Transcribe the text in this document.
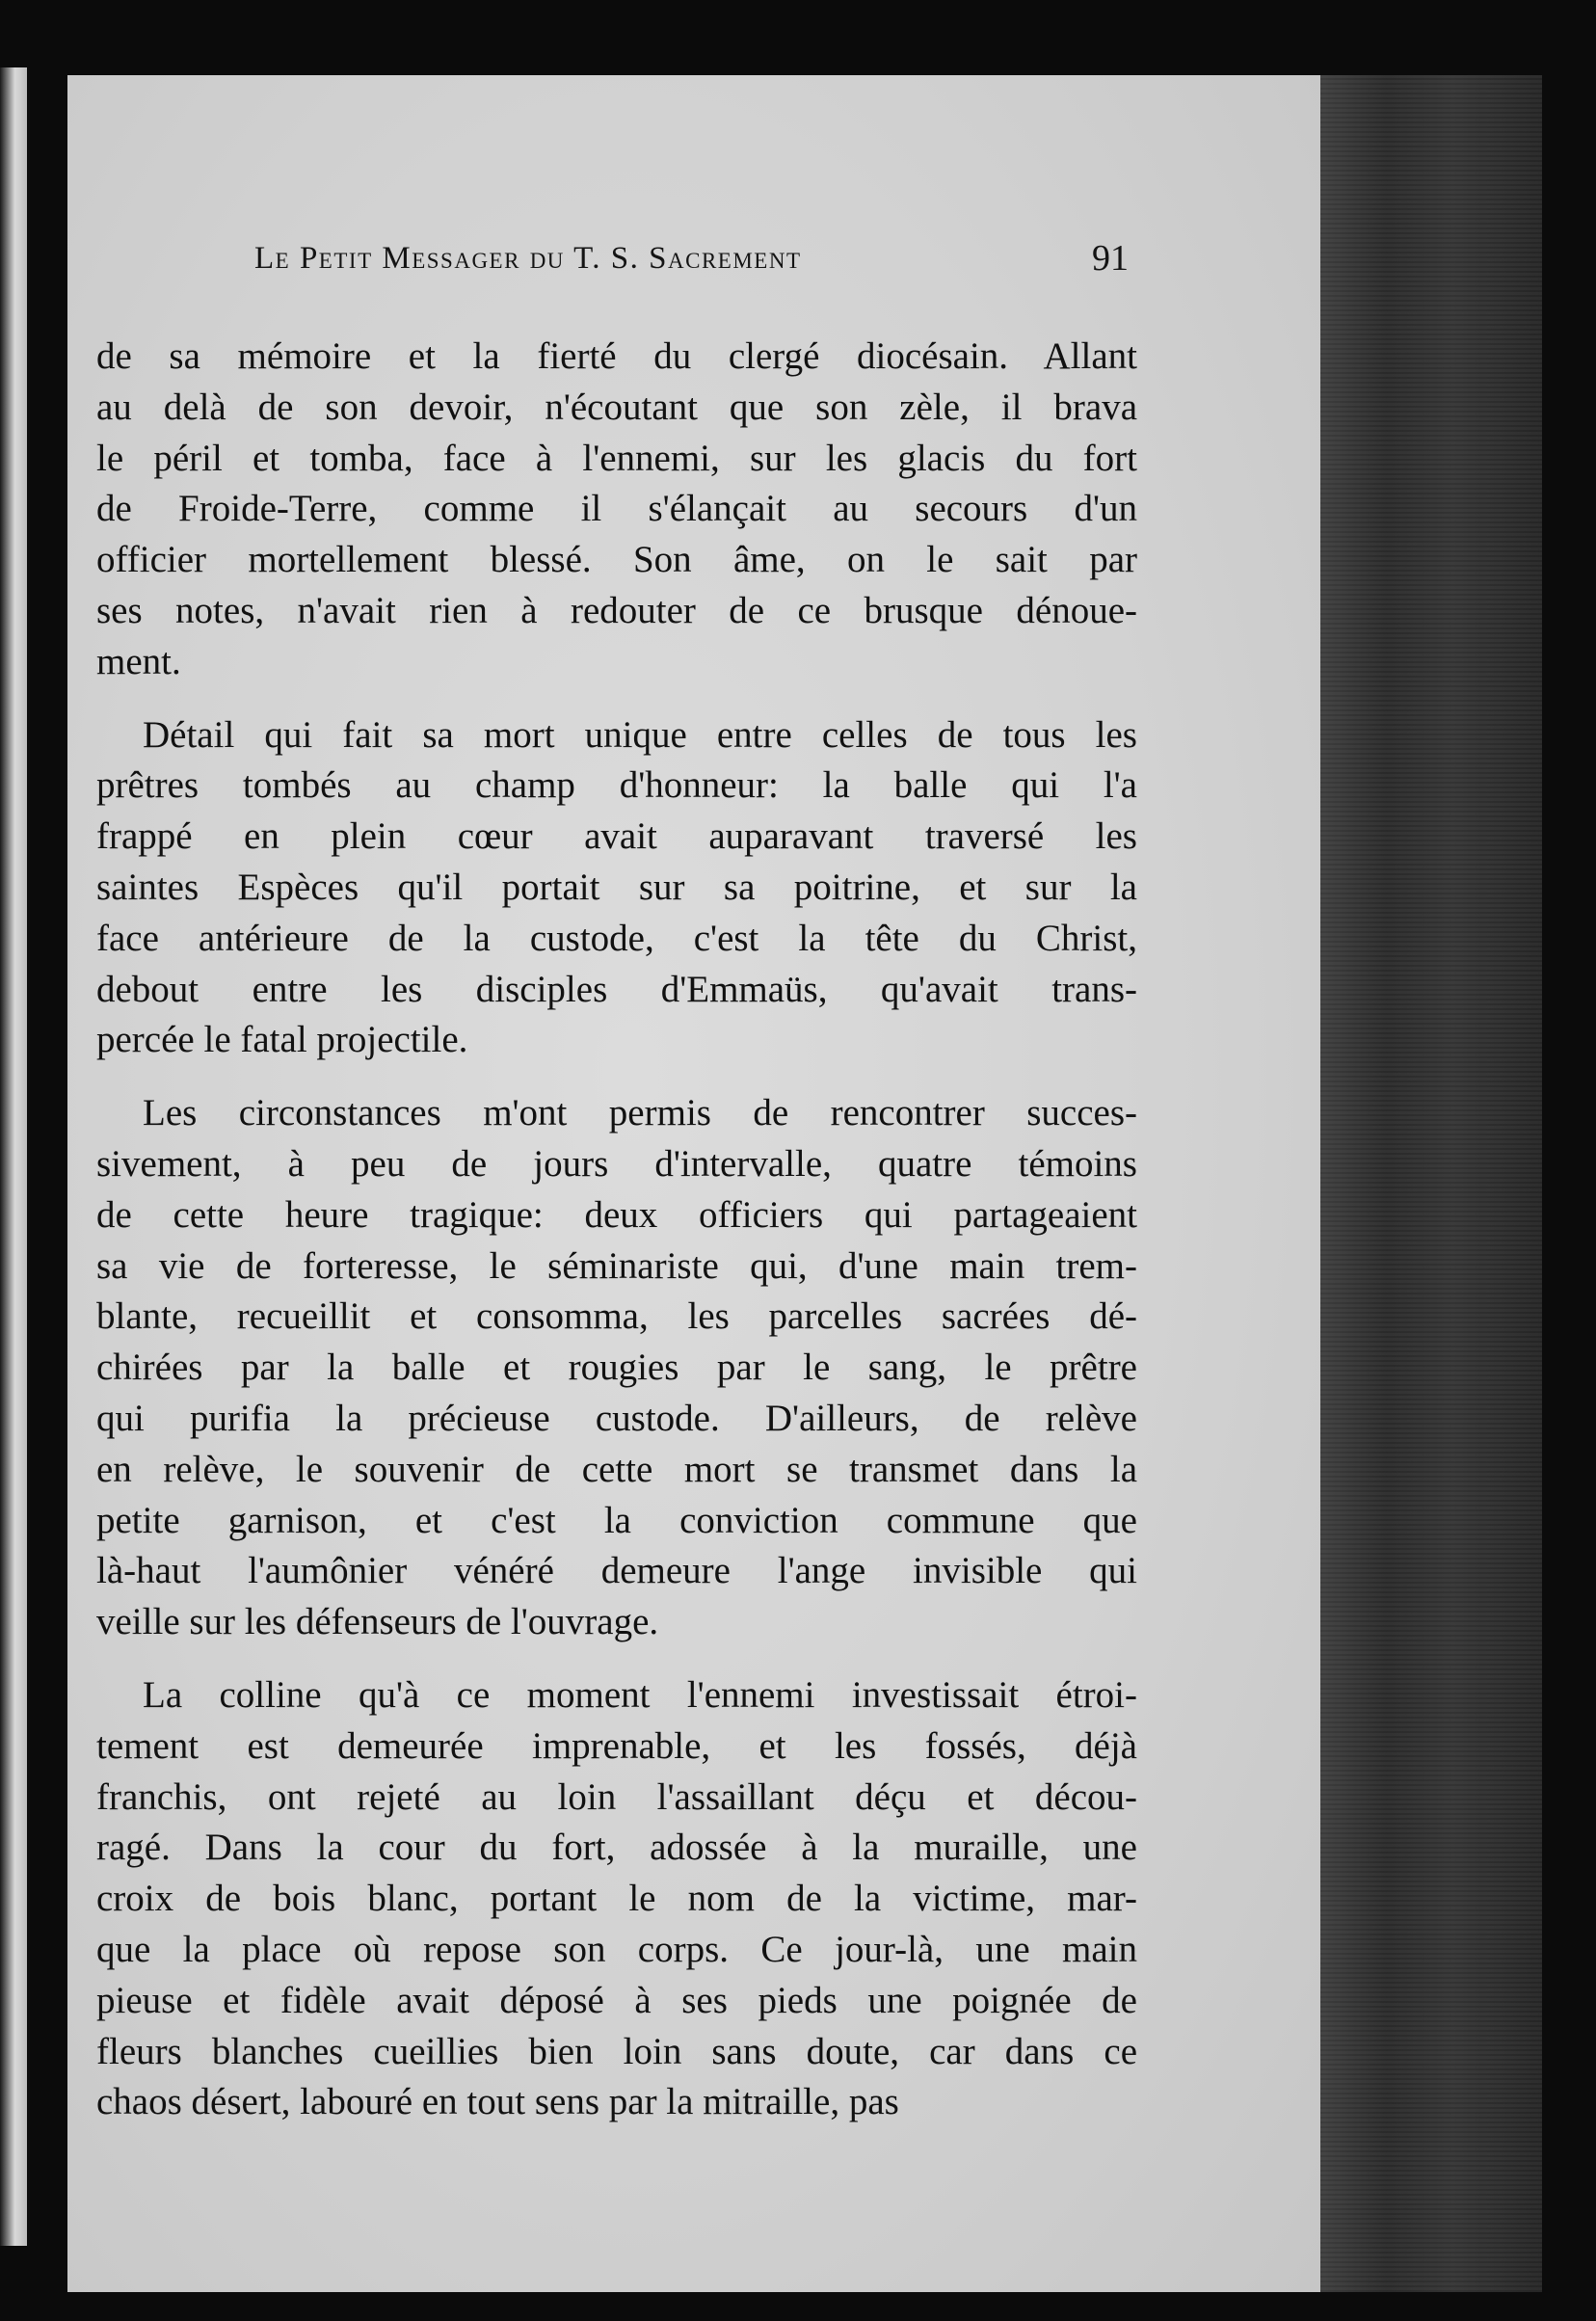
Le Petit Messager du T. S. Sacrement	91
de sa mémoire et la fierté du clergé diocésain. Allant
au delà de son devoir, n'écoutant que son zèle, il brava
le péril et tomba, face à l'ennemi, sur les glacis du fort
de Froide-Terre, comme il s'élançait au secours d'un
officier mortellement blessé. Son âme, on le sait par
ses notes, n'avait rien à redouter de ce brusque dénoue-
ment.
Détail qui fait sa mort unique entre celles de tous les
prêtres tombés au champ d'honneur: la balle qui l'a
frappé en plein cœur avait auparavant traversé les
saintes Espèces qu'il portait sur sa poitrine, et sur la
face antérieure de la custode, c'est la tête du Christ,
debout entre les disciples d'Emmaüs, qu'avait trans-
percée le fatal projectile.
Les circonstances m'ont permis de rencontrer succes-
sivement, à peu de jours d'intervalle, quatre témoins
de cette heure tragique: deux officiers qui partageaient
sa vie de forteresse, le séminariste qui, d'une main trem-
blante, recueillit et consomma, les parcelles sacrées dé-
chirées par la balle et rougies par le sang, le prêtre
qui purifia la précieuse custode. D'ailleurs, de relève
en relève, le souvenir de cette mort se transmet dans la
petite garnison, et c'est la conviction commune que
là-haut l'aumônier vénéré demeure l'ange invisible qui
veille sur les défenseurs de l'ouvrage.
La colline qu'à ce moment l'ennemi investissait étroi-
tement est demeurée imprenable, et les fossés, déjà
franchis, ont rejeté au loin l'assaillant déçu et décou-
ragé. Dans la cour du fort, adossée à la muraille, une
croix de bois blanc, portant le nom de la victime, mar-
que la place où repose son corps. Ce jour-là, une main
pieuse et fidèle avait déposé à ses pieds une poignée de
fleurs blanches cueillies bien loin sans doute, car dans ce
chaos désert, labouré en tout sens par la mitraille, pas
